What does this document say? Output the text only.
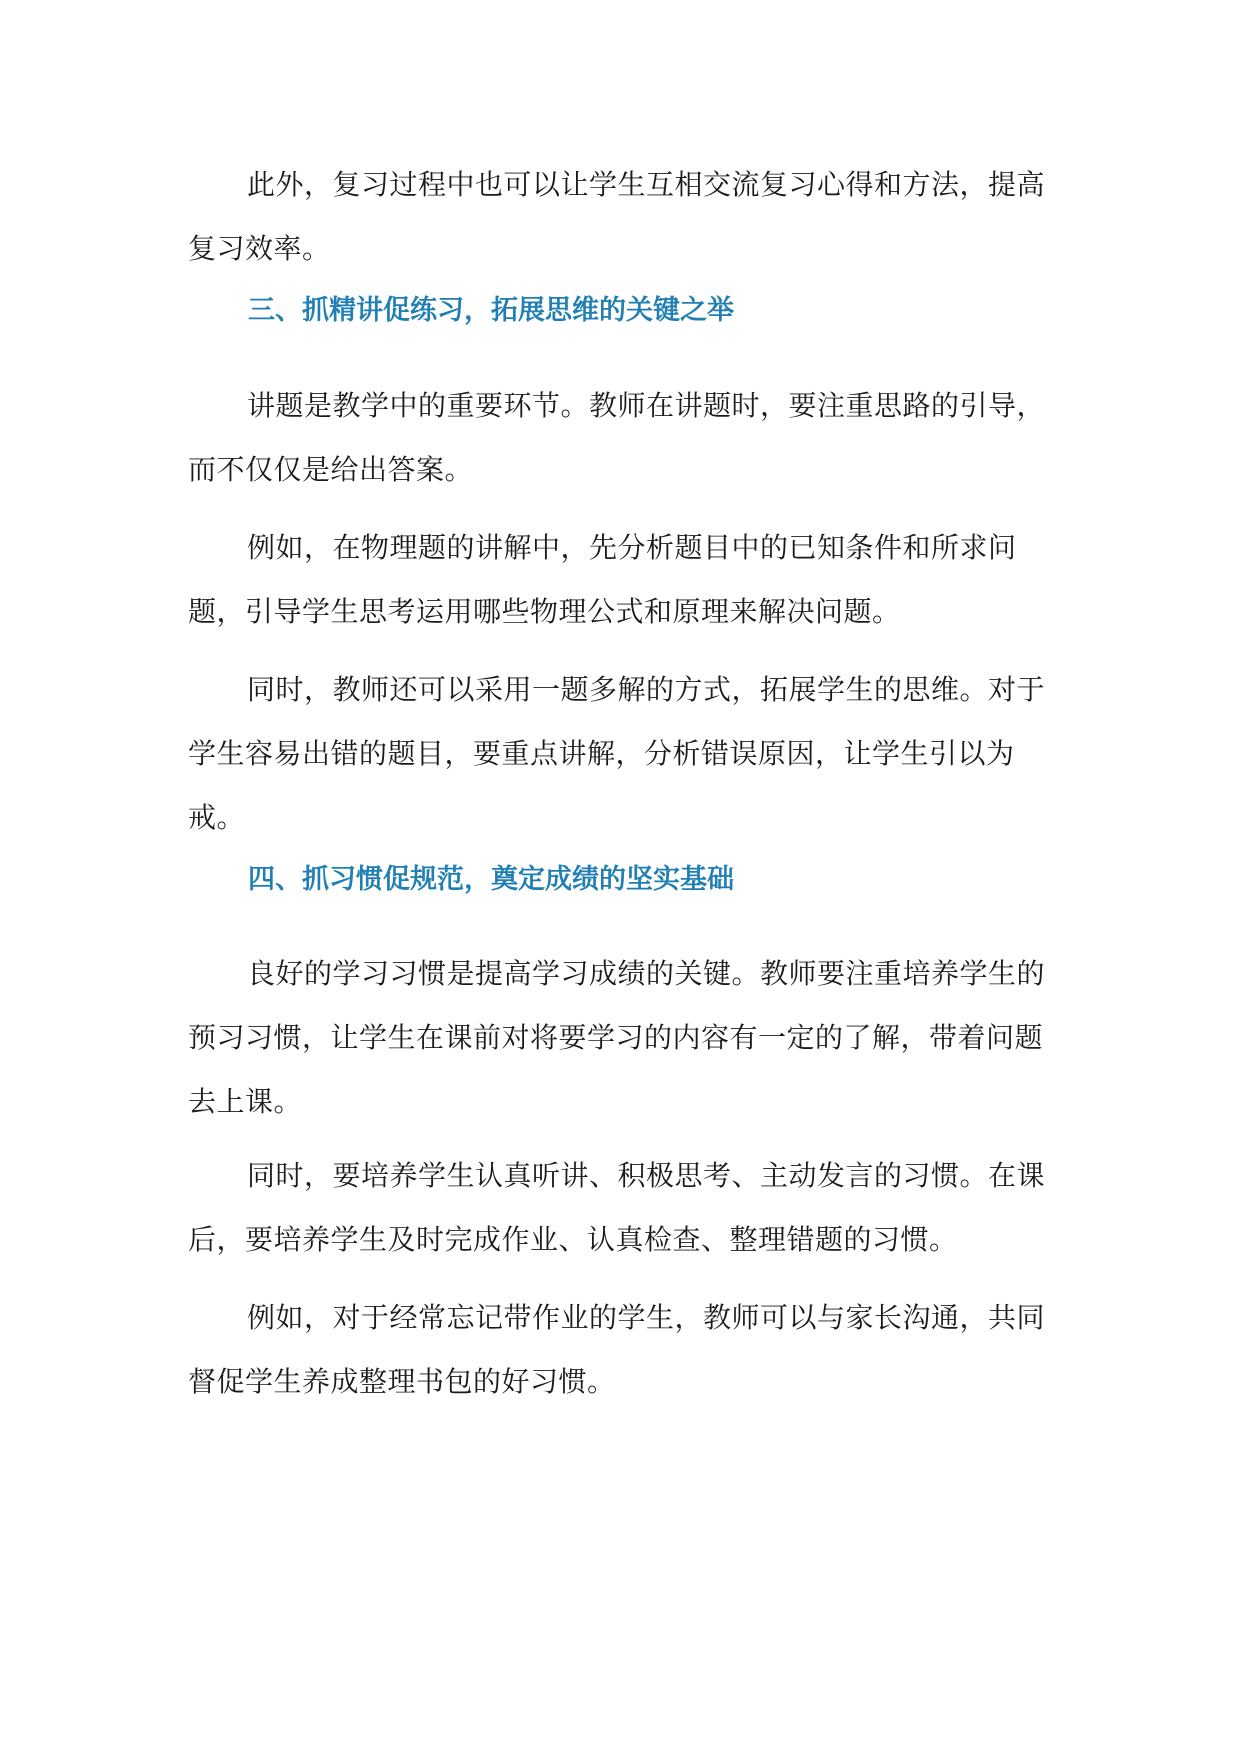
此外，复习过程中也可以让学生互相交流复习心得和方法，提高复习效率。
三、抓精讲促练习，拓展思维的关键之举
讲题是教学中的重要环节。教师在讲题时，要注重思路的引导，而不仅仅是给出答案。
例如，在物理题的讲解中，先分析题目中的已知条件和所求问题，引导学生思考运用哪些物理公式和原理来解决问题。
同时，教师还可以采用一题多解的方式，拓展学生的思维。对于学生容易出错的题目，要重点讲解，分析错误原因，让学生引以为戒。
四、抓习惯促规范，奠定成绩的坚实基础
良好的学习习惯是提高学习成绩的关键。教师要注重培养学生的预习习惯，让学生在课前对将要学习的内容有一定的了解，带着问题去上课。
同时，要培养学生认真听讲、积极思考、主动发言的习惯。在课后，要培养学生及时完成作业、认真检查、整理错题的习惯。
例如，对于经常忘记带作业的学生，教师可以与家长沟通，共同督促学生养成整理书包的好习惯。
